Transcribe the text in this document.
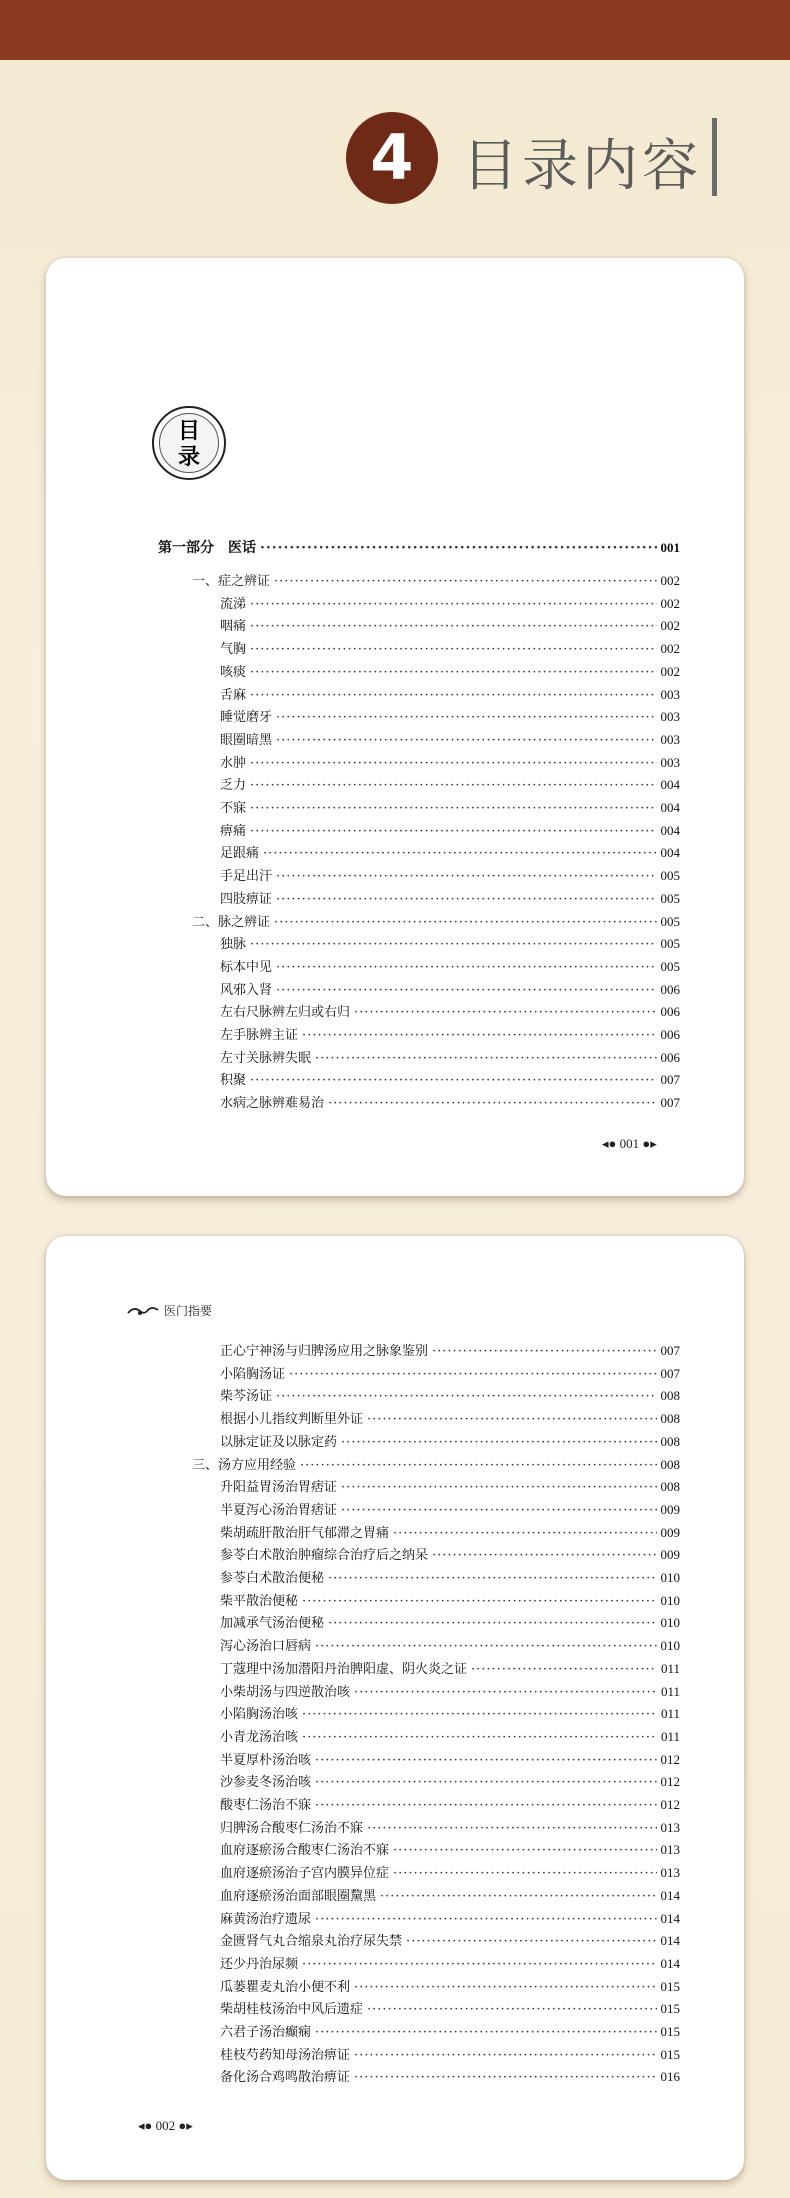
4 目录内容
目
录
第一部分　医话 ·····	001
一、症之辨证 ·····	002
流涕 ·····	002
咽痛 ·····	002
气胸 ·····	002
咳痰 ·····	002
舌麻 ·····	003
睡觉磨牙 ·····	003
眼圈暗黑 ·····	003
水肿 ·····	003
乏力 ·····	004
不寐 ·····	004
痹痛 ·····	004
足跟痛 ·····	004
手足出汗 ·····	005
四肢痹证 ·····	005
二、脉之辨证 ·····	005
独脉 ·····	005
标本中见 ·····	005
风邪入肾 ·····	006
左右尺脉辨左归或右归 ·····	006
左手脉辨主证 ·····	006
左寸关脉辨失眠 ·····	006
积聚 ·····	007
水病之脉辨难易治 ·····	007
◂● 001 ●▸
医门指要
正心宁神汤与归脾汤应用之脉象鉴别 ·····	007
小陷胸汤证 ·····	007
柴芩汤证 ·····	008
根据小儿指纹判断里外证 ·····	008
以脉定证及以脉定药 ·····	008
三、汤方应用经验 ·····	008
升阳益胃汤治胃痞证 ·····	008
半夏泻心汤治胃痞证 ·····	009
柴胡疏肝散治肝气郁滞之胃痛 ·····	009
参苓白术散治肿瘤综合治疗后之纳呆 ·····	009
参苓白术散治便秘 ·····	010
柴平散治便秘 ·····	010
加减承气汤治便秘 ·····	010
泻心汤治口唇病 ·····	010
丁蔻理中汤加潜阳丹治脾阳虚、阴火炎之证 ·····	011
小柴胡汤与四逆散治咳 ·····	011
小陷胸汤治咳 ·····	011
小青龙汤治咳 ·····	011
半夏厚朴汤治咳 ·····	012
沙参麦冬汤治咳 ·····	012
酸枣仁汤治不寐 ·····	012
归脾汤合酸枣仁汤治不寐 ·····	013
血府逐瘀汤合酸枣仁汤治不寐 ·····	013
血府逐瘀汤治子宫内膜异位症 ·····	013
血府逐瘀汤治面部眼圈黧黑 ·····	014
麻黄汤治疗遗尿 ·····	014
金匮肾气丸合缩泉丸治疗尿失禁 ·····	014
还少丹治尿频 ·····	014
瓜蒌瞿麦丸治小便不利 ·····	015
柴胡桂枝汤治中风后遗症 ·····	015
六君子汤治癫痫 ·····	015
桂枝芍药知母汤治痹证 ·····	015
备化汤合鸡鸣散治痹证 ·····	016
◂● 002 ●▸
